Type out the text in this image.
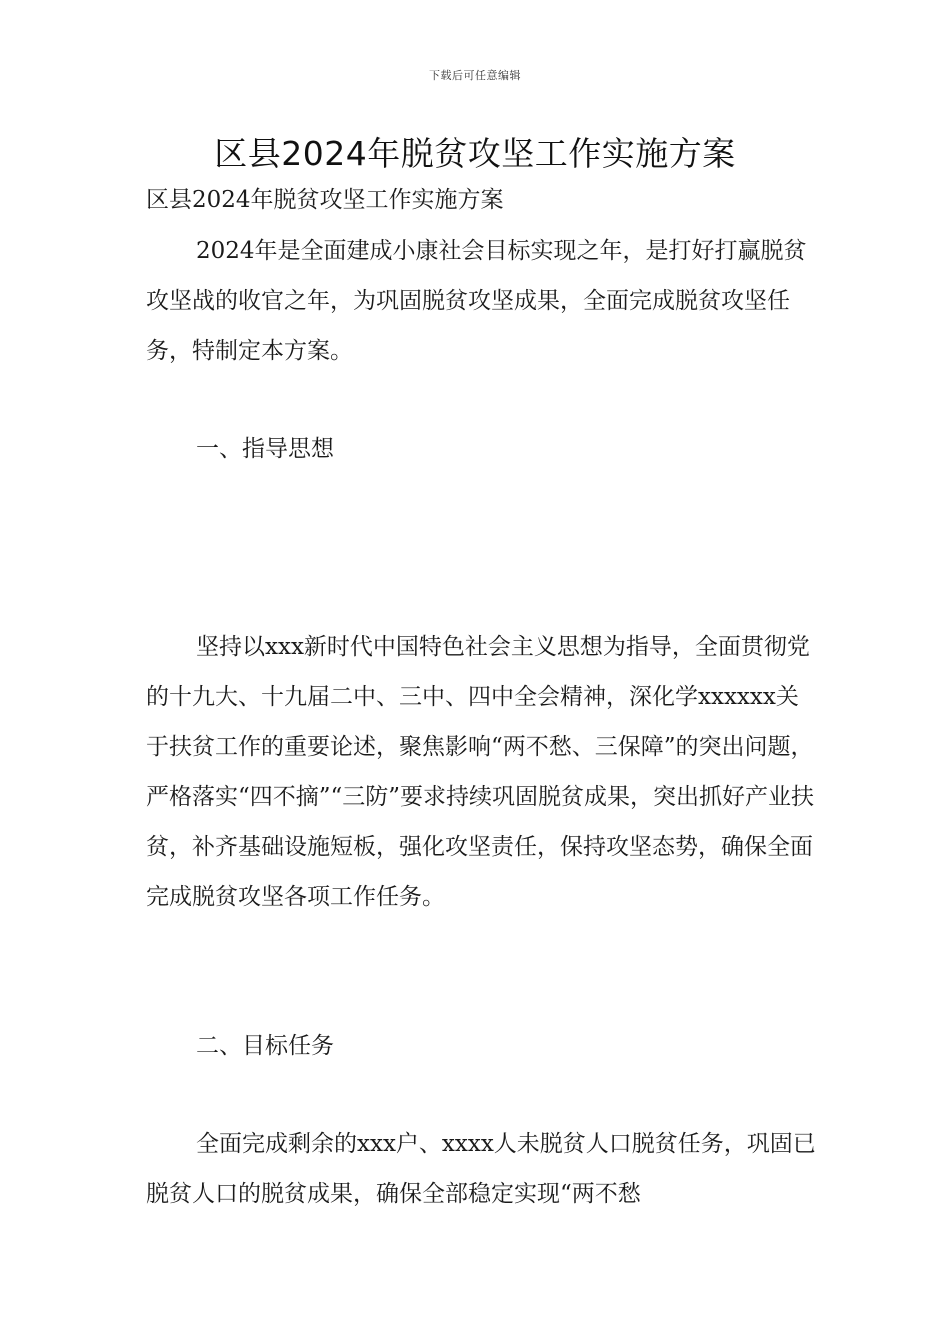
下载后可任意编辑
区县2024年脱贫攻坚工作实施方案

区县2024年脱贫攻坚工作实施方案

2024年是全面建成小康社会目标实现之年，是打好打赢脱贫攻坚战的收官之年，为巩固脱贫攻坚成果，全面完成脱贫攻坚任务，特制定本方案。

一、指导思想

坚持以xxx新时代中国特色社会主义思想为指导，全面贯彻党的十九大、十九届二中、三中、四中全会精神，深化学xxxxxx关于扶贫工作的重要论述，聚焦影响“两不愁、三保障”的突出问题，严格落实“四不摘”“三防”要求持续巩固脱贫成果，突出抓好产业扶贫，补齐基础设施短板，强化攻坚责任，保持攻坚态势，确保全面完成脱贫攻坚各项工作任务。

二、目标任务

全面完成剩余的xxx户、xxxx人未脱贫人口脱贫任务，巩固已脱贫人口的脱贫成果，确保全部稳定实现“两不愁
